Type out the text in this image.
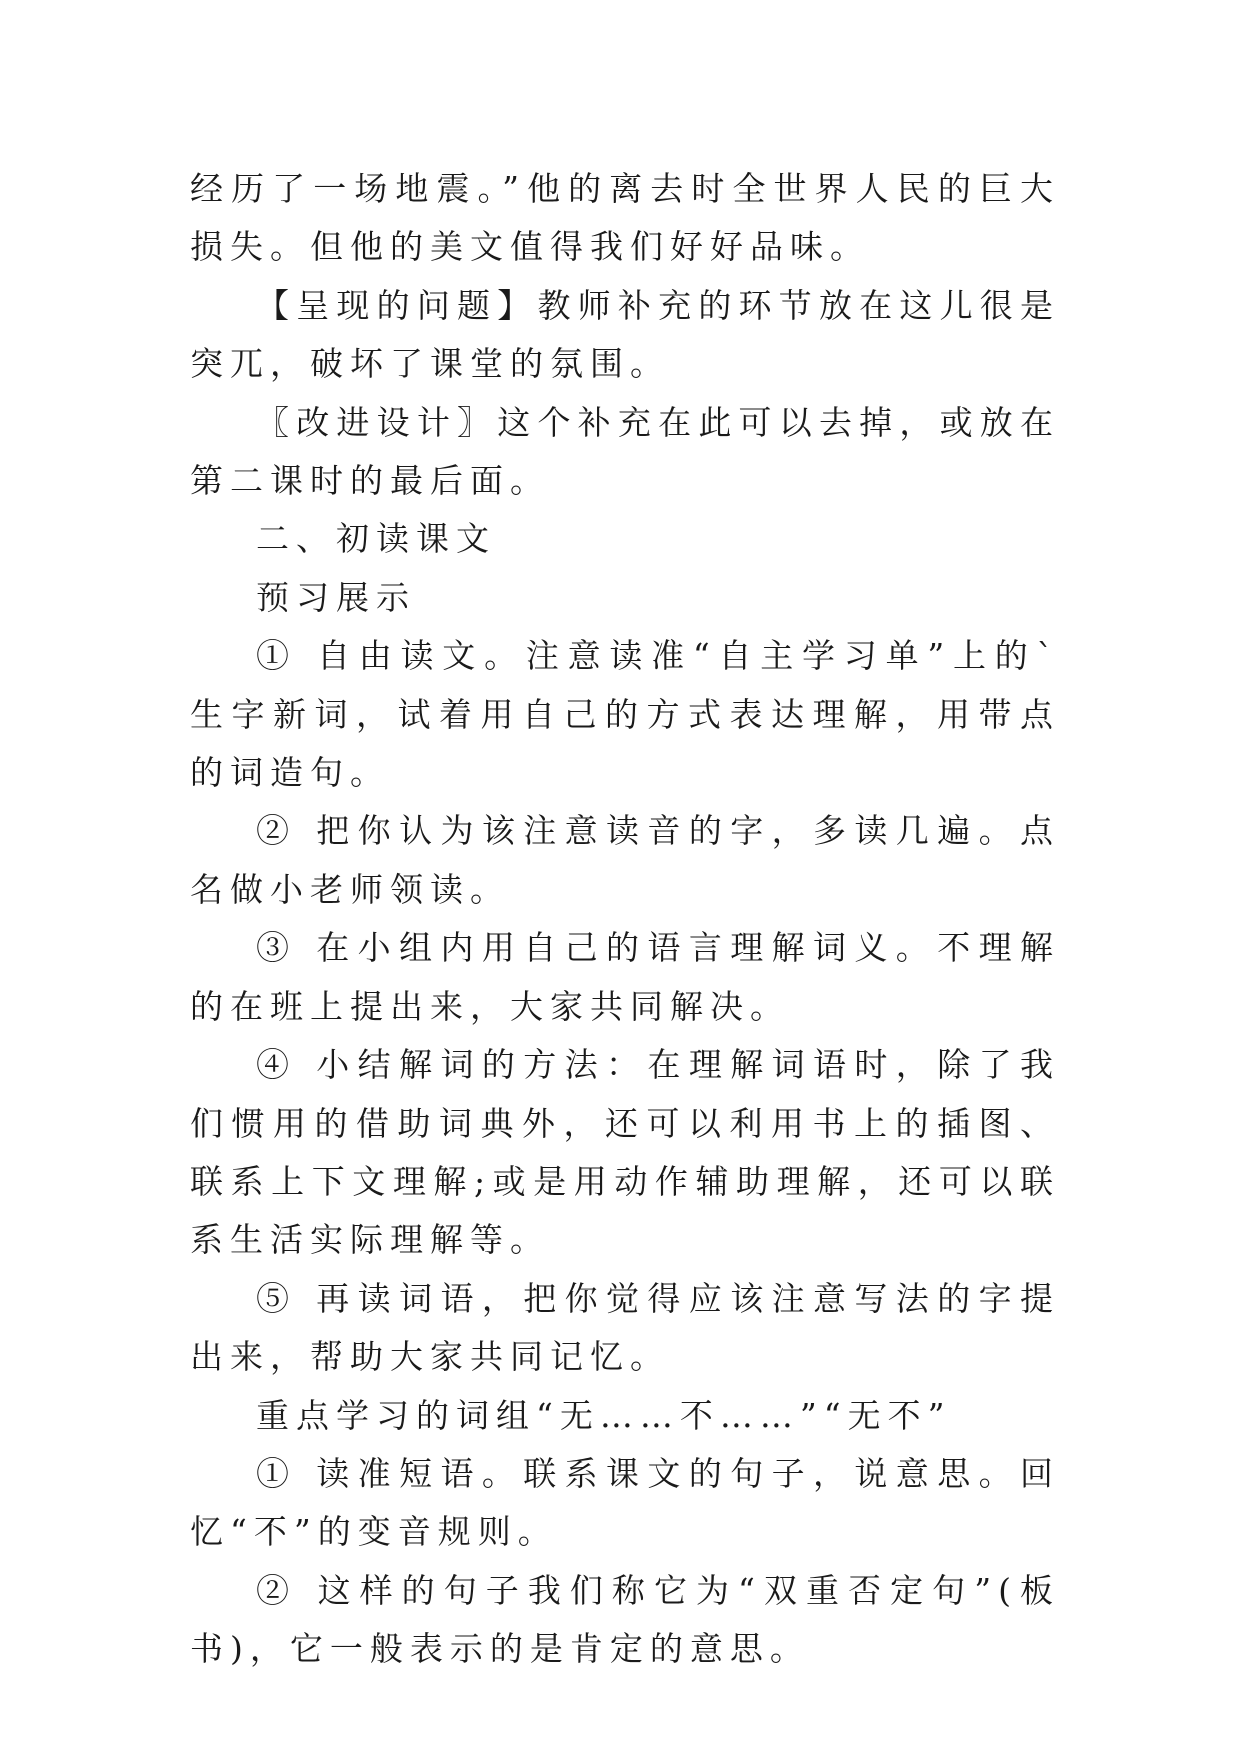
经历了一场地震。”他的离去时全世界人民的巨大损失。但他的美文值得我们好好品味。

【呈现的问题】教师补充的环节放在这儿很是突兀，破坏了课堂的氛围。

〖改进设计〗这个补充在此可以去掉，或放在第二课时的最后面。

二、初读课文

预习展示

① 自由读文。注意读准“自主学习单”上的`生字新词，试着用自己的方式表达理解，用带点的词造句。

② 把你认为该注意读音的字，多读几遍。点名做小老师领读。

③ 在小组内用自己的语言理解词义。不理解的在班上提出来，大家共同解决。

④ 小结解词的方法：在理解词语时，除了我们惯用的借助词典外，还可以利用书上的插图、联系上下文理解;或是用动作辅助理解，还可以联系生活实际理解等。

⑤ 再读词语，把你觉得应该注意写法的字提出来，帮助大家共同记忆。

重点学习的词组“无……不……”“无不”

① 读准短语。联系课文的句子，说意思。回忆“不”的变音规则。

② 这样的句子我们称它为“双重否定句”(板书)，它一般表示的是肯定的意思。
